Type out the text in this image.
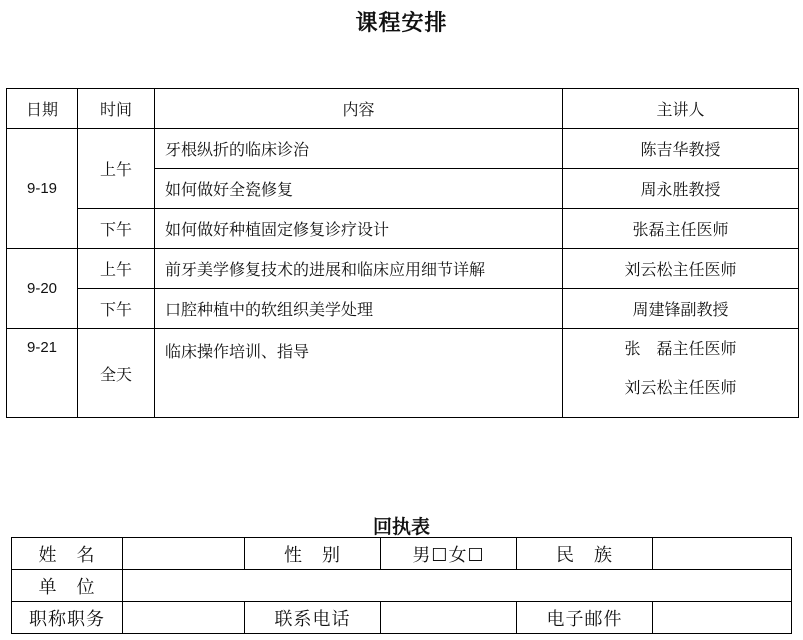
课程安排
日期	时间	内容	主讲人
9-19	上午	牙根纵折的临床诊治	陈吉华教授
		如何做好全瓷修复	周永胜教授
	下午	如何做好种植固定修复诊疗设计	张磊主任医师
9-20	上午	前牙美学修复技术的进展和临床应用细节详解	刘云松主任医师
	下午	口腔种植中的软组织美学处理	周建锋副教授
9-21	全天	临床操作培训、指导	张　磊主任医师
刘云松主任医师
回执表
姓　名		性　别	男☐女☐	民　族	
单　位					
职称职务		联系电话		电子邮件	
